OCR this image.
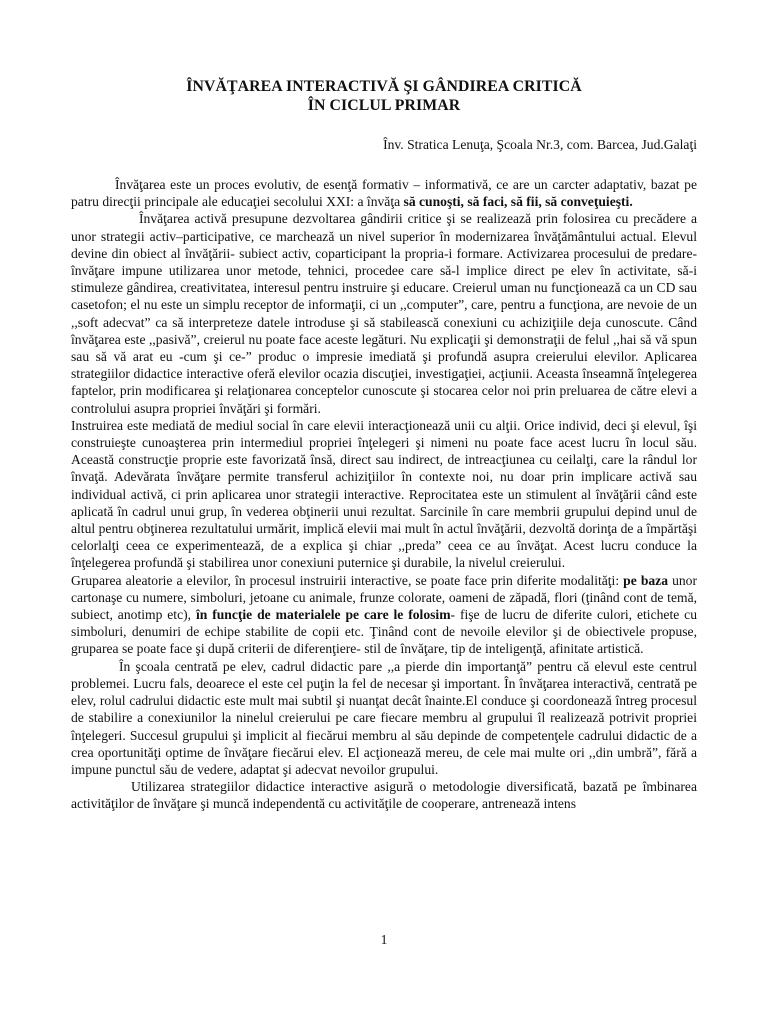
ÎNVĂŢAREA INTERACTIVĂ ŞI GÂNDIREA CRITICĂ
ÎN CICLUL PRIMAR
Înv. Stratica Lenuţa, Şcoala Nr.3, com. Barcea, Jud.Galaţi

Învăţarea este un proces evolutiv, de esenţă formativ – informativă, ce are un carcter adaptativ, bazat pe patru direcţii principale ale educaţiei secolului XXI: a învăţa să cunoşti, să faci, să fii, să conveţuieşti.

Învăţarea activă presupune dezvoltarea gândirii critice şi se realizează prin folosirea cu precădere a unor strategii activ–participative, ce marchează un nivel superior în modernizarea învăţământului actual. Elevul devine din obiect al învăţării- subiect activ, coparticipant la propria-i formare. Activizarea procesului de predare-învăţare impune utilizarea unor metode, tehnici, procedee care să-l implice direct pe elev în activitate, să-i stimuleze gândirea, creativitatea, interesul pentru instruire şi educare. Creierul uman nu funcţionează ca un CD sau casetofon; el nu este un simplu receptor de informaţii, ci un ,,computer”, care, pentru a funcţiona, are nevoie de un ,,soft adecvat” ca să interpreteze datele introduse şi să stabilească conexiuni cu achiziţiile deja cunoscute. Când învăţarea este ,,pasivă”, creierul nu poate face aceste legături. Nu explicaţii şi demonstraţii de felul ,,hai să vă spun sau să vă arat eu -cum şi ce-” produc o impresie imediată şi profundă asupra creierului elevilor. Aplicarea strategiilor didactice interactive oferă elevilor ocazia discuţiei, investigaţiei, acţiunii. Aceasta înseamnă înţelegerea faptelor, prin modificarea şi relaţionarea conceptelor cunoscute şi stocarea celor noi prin preluarea de către elevi a controlului asupra propriei învăţări şi formări.

Instruirea este mediată de mediul social în care elevii interacţionează unii cu alţii. Orice individ, deci şi elevul, îşi construieşte cunoaşterea prin intermediul propriei înţelegeri şi nimeni nu poate face acest lucru în locul său. Această construcţie proprie este favorizată însă, direct sau indirect, de intreacţiunea cu ceilalţi, care la rândul lor învaţă. Adevărata învăţare permite transferul achiziţiilor în contexte noi, nu doar prin implicare activă sau individual activă, ci prin aplicarea unor strategii interactive. Reprocitatea este un stimulent al învăţării când este aplicată în cadrul unui grup, în vederea obţinerii unui rezultat. Sarcinile în care membrii grupului depind unul de altul pentru obţinerea rezultatului urmărit, implică elevii mai mult în actul învăţării, dezvoltă dorinţa de a împărtăşi celorlalţi ceea ce experimentează, de a explica şi chiar ,,preda” ceea ce au învăţat. Acest lucru conduce la înţelegerea profundă şi stabilirea unor conexiuni puternice şi durabile, la nivelul creierului.

Gruparea aleatorie a elevilor, în procesul instruirii interactive, se poate face prin diferite modalităţi: pe baza unor cartonaşe cu numere, simboluri, jetoane cu animale, frunze colorate, oameni de zăpadă, flori (ţinând cont de temă, subiect, anotimp etc), în funcţie de materialele pe care le folosim- fişe de lucru de diferite culori, etichete cu simboluri, denumiri de echipe stabilite de copii etc. Ţinând cont de nevoile elevilor şi de obiectivele propuse, gruparea se poate face şi după criterii de diferenţiere- stil de învăţare, tip de inteligenţă, afinitate artistică.

În şcoala centrată pe elev, cadrul didactic pare ,,a pierde din importanţă” pentru că elevul este centrul problemei. Lucru fals, deoarece el este cel puţin la fel de necesar şi important. În învăţarea interactivă, centrată pe elev, rolul cadrului didactic este mult mai subtil şi nuanţat decât înainte.El conduce şi coordonează întreg procesul de stabilire a conexiunilor la ninelul creierului pe care fiecare membru al grupului îl realizează potrivit propriei înţelegeri. Succesul grupului şi implicit al fiecărui membru al său depinde de competenţele cadrului didactic de a crea oportunităţi optime de învăţare fiecărui elev. El acţionează mereu, de cele mai multe ori ,,din umbră”, fără a impune punctul său de vedere, adaptat şi adecvat nevoilor grupului.

Utilizarea strategiilor didactice interactive asigură o metodologie diversificată, bazată pe îmbinarea activităţilor de învăţare şi muncă independentă cu activităţile de cooperare, antrenează intens

1
